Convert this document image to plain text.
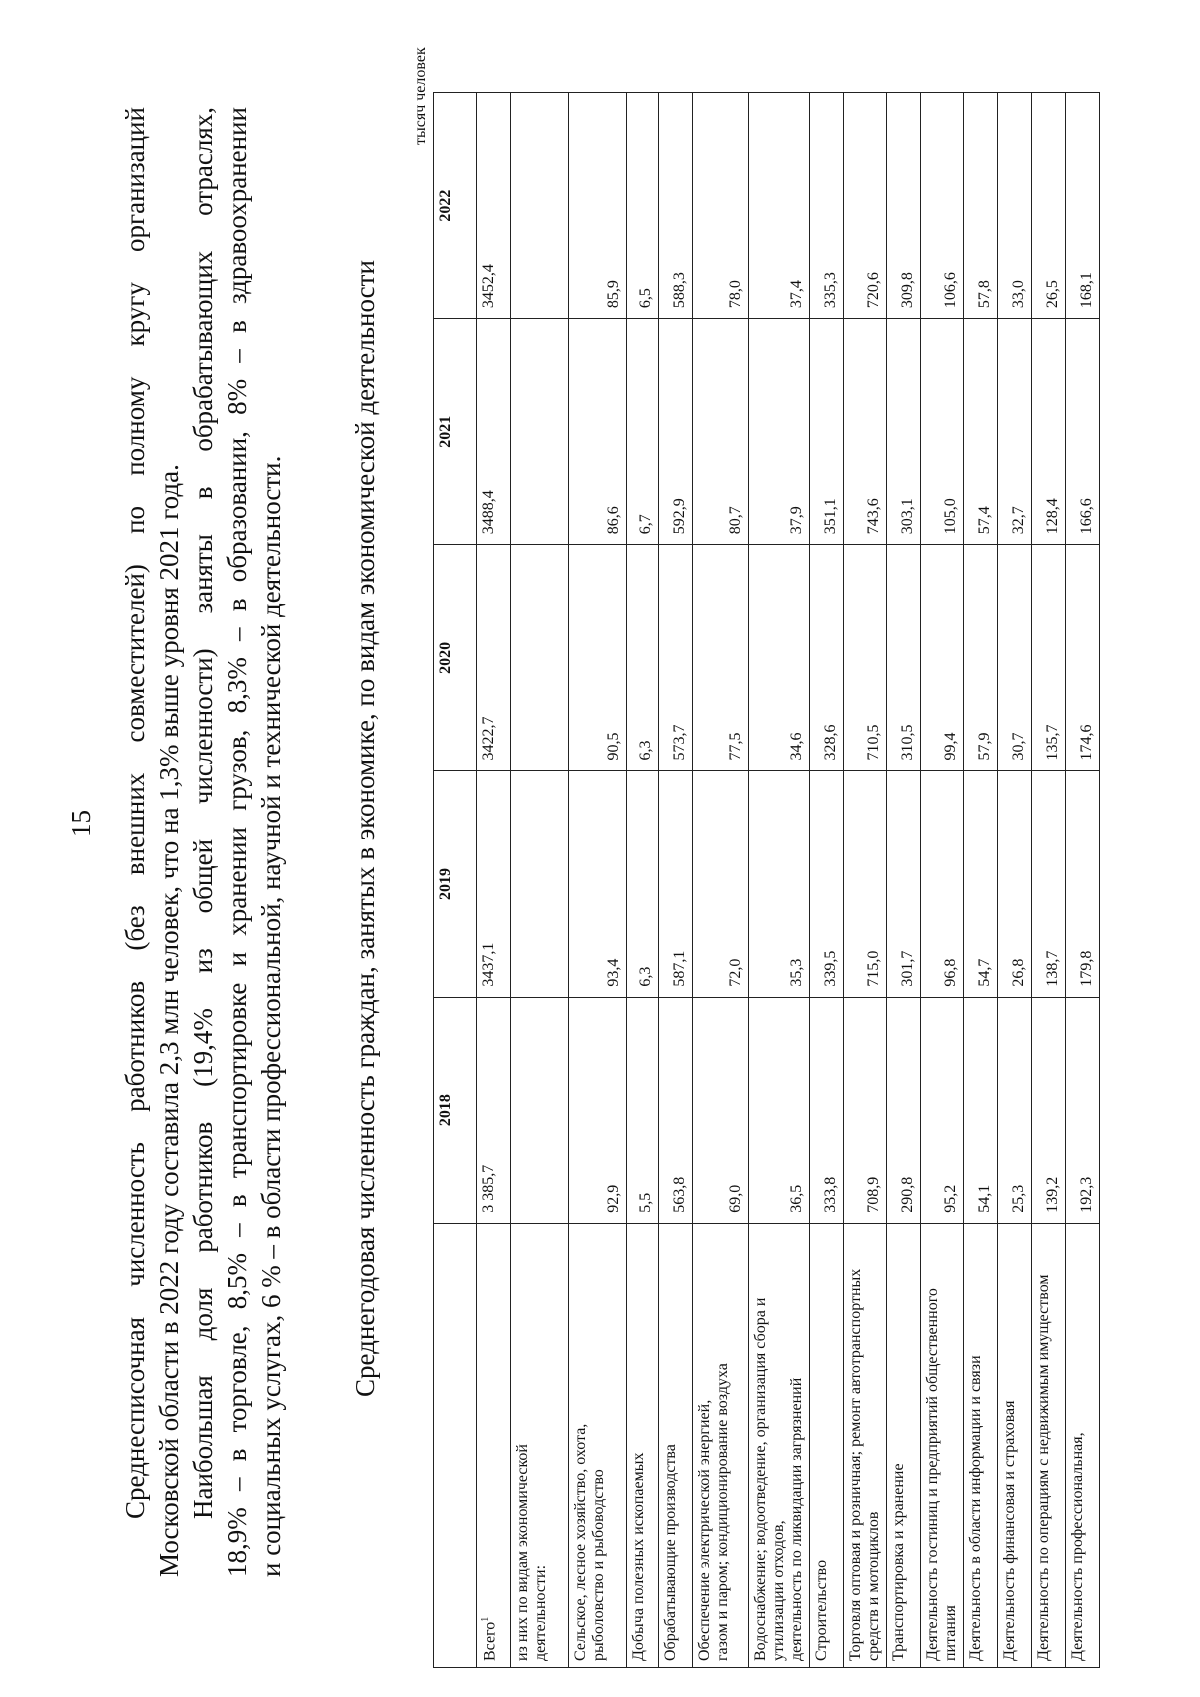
15 Среднесписочная численность работников (без внешних совместителей) по полному кругу организаций Московской области в 2022 году составила 2,3 млн человек, что на 1,3% выше уровня 2021 года. Наибольшая доля работников (19,4% из общей численности) заняты в обрабатывающих отраслях, 18,9% – в торговле, 8,5% – в транспортировке и хранении грузов, 8,3% – в образовании, 8% – в здравоохранении и социальных услугах, 6 % – в области профессиональной, научной и технической деятельности. Среднегодовая численность граждан, занятых в экономике, по видам экономической деятельности
тысяч человек
	2018	2019	2020	2021	2022
Всего$^1$	3 385,7	3437,1	3422,7	3488,4	3452,4
из них по видам экономической
деятельности:					
Сельское, лесное хозяйство, охота,
рыболовство и рыбоводство	92,9	93,4	90,5	86,6	85,9
Добыча полезных ископаемых	5,5	6,3	6,3	6,7	6,5
Обрабатывающие производства	563,8	587,1	573,7	592,9	588,3
Обеспечение электрической энергией,
газом и паром; кондиционирование воздуха	69,0	72,0	77,5	80,7	78,0
Водоснабжение; водоотведение, организация сбора и утилизации отходов,
деятельность по ликвидации загрязнений	36,5	35,3	34,6	37,9	37,4
Строительство	333,8	339,5	328,6	351,1	335,3
Торговля оптовая и розничная; ремонт автотранспортных средств и мотоциклов	708,9	715,0	710,5	743,6	720,6
Транспортировка и хранение	290,8	301,7	310,5	303,1	309,8
Деятельность гостиниц и предприятий общественного питания	95,2	96,8	99,4	105,0	106,6
Деятельность в области информации и связи	54,1	54,7	57,9	57,4	57,8
Деятельность финансовая и страховая	25,3	26,8	30,7	32,7	33,0
Деятельность по операциям с недвижимым имуществом	139,2	138,7	135,7	128,4	26,5
Деятельность профессиональная,	192,3	179,8	174,6	166,6	168,1
